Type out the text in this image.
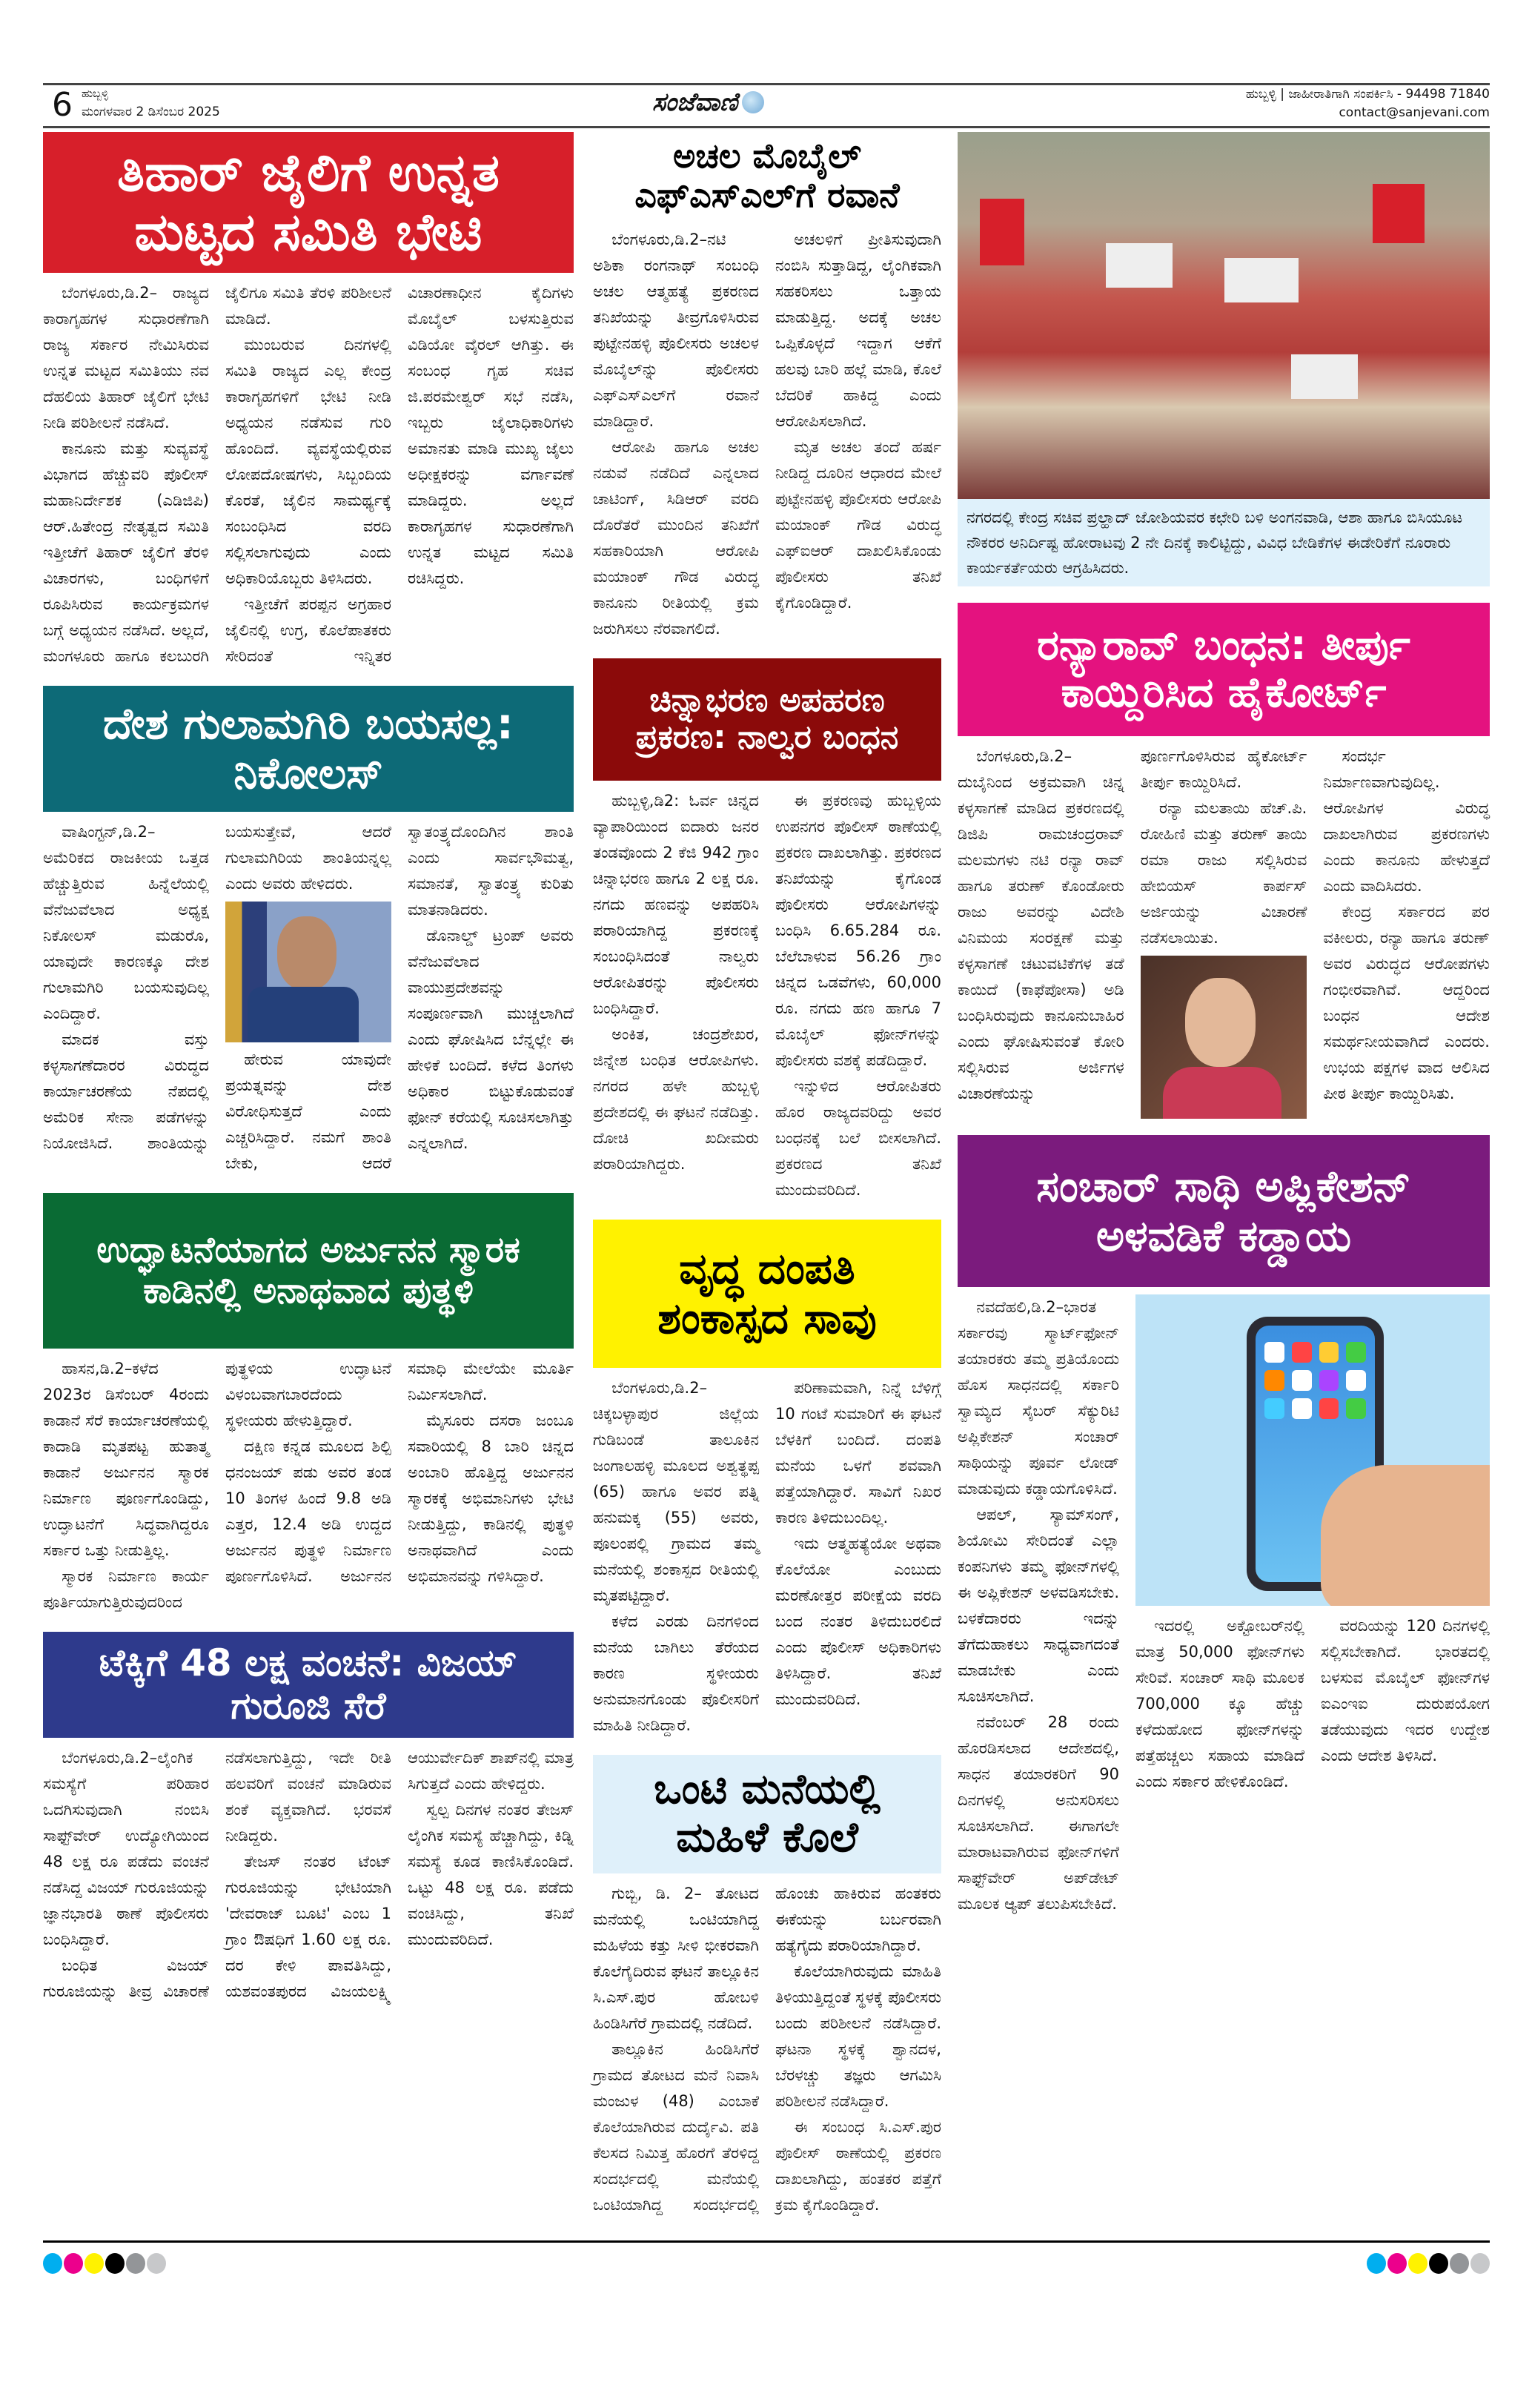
6 ಹುಬ್ಬಳ್ಳಿ
ಮಂಗಳವಾರ 2 ಡಿಸೆಂಬರ 2025	ಸಂಜೆವಾಣಿ	ಹುಬ್ಬಳ್ಳಿ | ಜಾಹೀರಾತಿಗಾಗಿ ಸಂಪರ್ಕಿಸಿ - 94498 71840
contact@sanjevani.com
ತಿಹಾರ್ ಜೈಲಿಗೆ ಉನ್ನತ ಮಟ್ಟದ ಸಮಿತಿ ಭೇಟಿ

ಬೆಂಗಳೂರು,ಡಿ.2– ರಾಜ್ಯದ ಕಾರಾಗೃಹಗಳ ಸುಧಾರಣೆಗಾಗಿ ರಾಜ್ಯ ಸರ್ಕಾರ ನೇಮಿಸಿರುವ ಉನ್ನತ ಮಟ್ಟದ ಸಮಿತಿಯು ನವ ದೆಹಲಿಯ ತಿಹಾರ್ ಜೈಲಿಗೆ ಭೇಟಿ ನೀಡಿ ಪರಿಶೀಲನೆ ನಡೆಸಿದೆ.

ಕಾನೂನು ಮತ್ತು ಸುವ್ಯವಸ್ಥೆ ವಿಭಾಗದ ಹೆಚ್ಚುವರಿ ಪೊಲೀಸ್ ಮಹಾನಿರ್ದೇಶಕ (ಎಡಿಜಿಪಿ) ಆರ್.ಹಿತೇಂದ್ರ ನೇತೃತ್ವದ ಸಮಿತಿ ಇತ್ತೀಚೆಗೆ ತಿಹಾರ್ ಜೈಲಿಗೆ ತೆರಳಿ ವಿಚಾರಗಳು, ಬಂಧಿಗಳಿಗೆ ರೂಪಿಸಿರುವ ಕಾರ್ಯಕ್ರಮಗಳ ಬಗ್ಗೆ ಅಧ್ಯಯನ ನಡೆಸಿದೆ. ಅಲ್ಲದೆ, ಮಂಗಳೂರು ಹಾಗೂ ಕಲಬುರಗಿ ಜೈಲಿಗೂ ಸಮಿತಿ ತೆರಳಿ ಪರಿಶೀಲನೆ ಮಾಡಿದೆ.

ಮುಂಬರುವ ದಿನಗಳಲ್ಲಿ ಸಮಿತಿ ರಾಜ್ಯದ ಎಲ್ಲ ಕೇಂದ್ರ ಕಾರಾಗೃಹಗಳಿಗೆ ಭೇಟಿ ನೀಡಿ ಅಧ್ಯಯನ ನಡೆಸುವ ಗುರಿ ಹೊಂದಿದೆ. ವ್ಯವಸ್ಥೆಯಲ್ಲಿರುವ ಲೋಪದೋಷಗಳು, ಸಿಬ್ಬಂದಿಯ ಕೊರತೆ, ಜೈಲಿನ ಸಾಮರ್ಥ್ಯಕ್ಕೆ ಸಂಬಂಧಿಸಿದ ವರದಿ ಸಲ್ಲಿಸಲಾಗುವುದು ಎಂದು ಅಧಿಕಾರಿಯೊಬ್ಬರು ತಿಳಿಸಿದರು.

ಇತ್ತೀಚೆಗೆ ಪರಪ್ಪನ ಅಗ್ರಹಾರ ಜೈಲಿನಲ್ಲಿ ಉಗ್ರ, ಕೊಲೆಪಾತಕರು ಸೇರಿದಂತೆ ಇನ್ನಿತರ ವಿಚಾರಣಾಧೀನ ಕೈದಿಗಳು ಮೊಬೈಲ್ ಬಳಸುತ್ತಿರುವ ವಿಡಿಯೋ ವೈರಲ್ ಆಗಿತ್ತು. ಈ ಸಂಬಂಧ ಗೃಹ ಸಚಿವ ಜಿ.ಪರಮೇಶ್ವರ್ ಸಭೆ ನಡೆಸಿ, ಇಬ್ಬರು ಜೈಲಾಧಿಕಾರಿಗಳು ಅಮಾನತು ಮಾಡಿ ಮುಖ್ಯ ಜೈಲು ಅಧೀಕ್ಷಕರನ್ನು ವರ್ಗಾವಣೆ ಮಾಡಿದ್ದರು. ಅಲ್ಲದೆ ಕಾರಾಗೃಹಗಳ ಸುಧಾರಣೆಗಾಗಿ ಉನ್ನತ ಮಟ್ಟದ ಸಮಿತಿ ರಚಿಸಿದ್ದರು.

ದೇಶ ಗುಲಾಮಗಿರಿ ಬಯಸಲ್ಲ: ನಿಕೋಲಸ್

ವಾಷಿಂಗ್ಟನ್,ಡಿ.2– ಅಮೆರಿಕದ ರಾಜಕೀಯ ಒತ್ತಡ ಹೆಚ್ಚುತ್ತಿರುವ ಹಿನ್ನೆಲೆಯಲ್ಲಿ ವೆನೆಜುವೆಲಾದ ಅಧ್ಯಕ್ಷ ನಿಕೋಲಸ್ ಮಡುರೊ, ಯಾವುದೇ ಕಾರಣಕ್ಕೂ ದೇಶ ಗುಲಾಮಗಿರಿ ಬಯಸುವುದಿಲ್ಲ ಎಂದಿದ್ದಾರೆ.

ಮಾದಕ ವಸ್ತು ಕಳ್ಳಸಾಗಣೆದಾರರ ವಿರುದ್ಧದ ಕಾರ್ಯಾಚರಣೆಯ ನೆಪದಲ್ಲಿ ಅಮೆರಿಕ ಸೇನಾ ಪಡೆಗಳನ್ನು ನಿಯೋಜಿಸಿದೆ. ಶಾಂತಿಯನ್ನು ಬಯಸುತ್ತೇವೆ, ಆದರೆ ಗುಲಾಮಗಿರಿಯ ಶಾಂತಿಯನ್ನಲ್ಲ ಎಂದು ಅವರು ಹೇಳಿದರು.

ಹೇರುವ ಯಾವುದೇ ಪ್ರಯತ್ನವನ್ನು ದೇಶ ವಿರೋಧಿಸುತ್ತದೆ ಎಂದು ಎಚ್ಚರಿಸಿದ್ದಾರೆ. ನಮಗೆ ಶಾಂತಿ ಬೇಕು, ಆದರೆ ಸ್ವಾತಂತ್ರ್ಯದೊಂದಿಗಿನ ಶಾಂತಿ ಎಂದು ಸಾರ್ವಭೌಮತ್ವ, ಸಮಾನತೆ, ಸ್ವಾತಂತ್ರ್ಯ ಕುರಿತು ಮಾತನಾಡಿದರು.

ಡೊನಾಲ್ಡ್ ಟ್ರಂಪ್ ಅವರು ವೆನೆಜುವೆಲಾದ ವಾಯುಪ್ರದೇಶವನ್ನು ಸಂಪೂರ್ಣವಾಗಿ ಮುಚ್ಚಲಾಗಿದೆ ಎಂದು ಘೋಷಿಸಿದ ಬೆನ್ನಲ್ಲೇ ಈ ಹೇಳಿಕೆ ಬಂದಿದೆ. ಕಳೆದ ತಿಂಗಳು ಅಧಿಕಾರ ಬಿಟ್ಟುಕೊಡುವಂತೆ ಫೋನ್ ಕರೆಯಲ್ಲಿ ಸೂಚಿಸಲಾಗಿತ್ತು ಎನ್ನಲಾಗಿದೆ.

ಉದ್ಘಾಟನೆಯಾಗದ ಅರ್ಜುನನ ಸ್ಮಾರಕ ಕಾಡಿನಲ್ಲಿ ಅನಾಥವಾದ ಪುತ್ಥಳಿ

ಹಾಸನ,ಡಿ.2–ಕಳೆದ 2023ರ ಡಿಸೆಂಬರ್ 4ರಂದು ಕಾಡಾನೆ ಸೆರೆ ಕಾರ್ಯಾಚರಣೆಯಲ್ಲಿ ಕಾದಾಡಿ ಮೃತಪಟ್ಟ ಹುತಾತ್ಮ ಕಾಡಾನೆ ಅರ್ಜುನನ ಸ್ಮಾರಕ ನಿರ್ಮಾಣ ಪೂರ್ಣಗೊಂಡಿದ್ದು, ಉದ್ಘಾಟನೆಗೆ ಸಿದ್ಧವಾಗಿದ್ದರೂ ಸರ್ಕಾರ ಒತ್ತು ನೀಡುತ್ತಿಲ್ಲ.

ಸ್ಮಾರಕ ನಿರ್ಮಾಣ ಕಾರ್ಯ ಪೂರ್ತಿಯಾಗುತ್ತಿರುವುದರಿಂದ ಪುತ್ಥಳಿಯ ಉದ್ಘಾಟನೆ ವಿಳಂಬವಾಗಬಾರದೆಂದು ಸ್ಥಳೀಯರು ಹೇಳುತ್ತಿದ್ದಾರೆ.

ದಕ್ಷಿಣ ಕನ್ನಡ ಮೂಲದ ಶಿಲ್ಪಿ ಧನಂಜಯ್ ಪಡು ಅವರ ತಂಡ 10 ತಿಂಗಳ ಹಿಂದೆ 9.8 ಅಡಿ ಎತ್ತರ, 12.4 ಅಡಿ ಉದ್ದದ ಅರ್ಜುನನ ಪುತ್ಥಳಿ ನಿರ್ಮಾಣ ಪೂರ್ಣಗೊಳಿಸಿದೆ. ಅರ್ಜುನನ ಸಮಾಧಿ ಮೇಲೆಯೇ ಮೂರ್ತಿ ನಿರ್ಮಿಸಲಾಗಿದೆ.

ಮೈಸೂರು ದಸರಾ ಜಂಬೂ ಸವಾರಿಯಲ್ಲಿ 8 ಬಾರಿ ಚಿನ್ನದ ಅಂಬಾರಿ ಹೊತ್ತಿದ್ದ ಅರ್ಜುನನ ಸ್ಮಾರಕಕ್ಕೆ ಅಭಿಮಾನಿಗಳು ಭೇಟಿ ನೀಡುತ್ತಿದ್ದು, ಕಾಡಿನಲ್ಲಿ ಪುತ್ಥಳಿ ಅನಾಥವಾಗಿದೆ ಎಂದು ಅಭಿಮಾನವನ್ನು ಗಳಿಸಿದ್ದಾರೆ.

ಟೆಕ್ಕಿಗೆ 48 ಲಕ್ಷ ವಂಚನೆ: ವಿಜಯ್ ಗುರೂಜಿ ಸೆರೆ

ಬೆಂಗಳೂರು,ಡಿ.2–ಲೈಂಗಿಕ ಸಮಸ್ಯೆಗೆ ಪರಿಹಾರ ಒದಗಿಸುವುದಾಗಿ ನಂಬಿಸಿ ಸಾಫ್ಟ್‌ವೇರ್ ಉದ್ಯೋಗಿಯಿಂದ 48 ಲಕ್ಷ ರೂ ಪಡೆದು ವಂಚನೆ ನಡೆಸಿದ್ದ ವಿಜಯ್ ಗುರೂಜಿಯನ್ನು ಜ್ಞಾನಭಾರತಿ ಠಾಣೆ ಪೊಲೀಸರು ಬಂಧಿಸಿದ್ದಾರೆ.

ಬಂಧಿತ ವಿಜಯ್ ಗುರೂಜಿಯನ್ನು ತೀವ್ರ ವಿಚಾರಣೆ ನಡೆಸಲಾಗುತ್ತಿದ್ದು, ಇದೇ ರೀತಿ ಹಲವರಿಗೆ ವಂಚನೆ ಮಾಡಿರುವ ಶಂಕೆ ವ್ಯಕ್ತವಾಗಿದೆ. ಭರವಸೆ ನೀಡಿದ್ದರು.

ತೇಜಸ್ ನಂತರ ಟೆಂಟ್ ಗುರೂಜಿಯನ್ನು ಭೇಟಿಯಾಗಿ 'ದೇವರಾಜ್ ಬೂಟಿ' ಎಂಬ 1 ಗ್ರಾಂ ಔಷಧಿಗೆ 1.60 ಲಕ್ಷ ರೂ. ದರ ಕೇಳಿ ಪಾವತಿಸಿದ್ದು, ಯಶವಂತಪುರದ ವಿಜಯಲಕ್ಷ್ಮಿ ಆಯುರ್ವೇದಿಕ್ ಶಾಪ್‌ನಲ್ಲಿ ಮಾತ್ರ ಸಿಗುತ್ತದೆ ಎಂದು ಹೇಳಿದ್ದರು.

ಸ್ವಲ್ಪ ದಿನಗಳ ನಂತರ ತೇಜಸ್ ಲೈಂಗಿಕ ಸಮಸ್ಯೆ ಹೆಚ್ಚಾಗಿದ್ದು, ಕಿಡ್ನಿ ಸಮಸ್ಯೆ ಕೂಡ ಕಾಣಿಸಿಕೊಂಡಿದೆ. ಒಟ್ಟು 48 ಲಕ್ಷ ರೂ. ಪಡೆದು ವಂಚಿಸಿದ್ದು, ತನಿಖೆ ಮುಂದುವರಿದಿದೆ.

ಅಚಲ ಮೊಬೈಲ್ ಎಫ್‌ಎಸ್‌ಎಲ್‌ಗೆ ರವಾನೆ

ಬೆಂಗಳೂರು,ಡಿ.2–ನಟಿ ಅಶಿಕಾ ರಂಗನಾಥ್ ಸಂಬಂಧಿ ಅಚಲ ಆತ್ಮಹತ್ಯೆ ಪ್ರಕರಣದ ತನಿಖೆಯನ್ನು ತೀವ್ರಗೊಳಿಸಿರುವ ಪುಟ್ಟೇನಹಳ್ಳಿ ಪೊಲೀಸರು ಅಚಲಳ ಮೊಬೈಲ್‌ನ್ನು ಪೊಲೀಸರು ಎಫ್‌ಎಸ್‌ಎಲ್‌ಗೆ ರವಾನೆ ಮಾಡಿದ್ದಾರೆ.

ಆರೋಪಿ ಹಾಗೂ ಅಚಲ ನಡುವೆ ನಡೆದಿದೆ ಎನ್ನಲಾದ ಚಾಟಿಂಗ್, ಸಿಡಿಆರ್ ವರದಿ ದೊರೆತರೆ ಮುಂದಿನ ತನಿಖೆಗೆ ಸಹಕಾರಿಯಾಗಿ ಆರೋಪಿ ಮಯಾಂಕ್ ಗೌಡ ವಿರುದ್ಧ ಕಾನೂನು ರೀತಿಯಲ್ಲಿ ಕ್ರಮ ಜರುಗಿಸಲು ನೆರವಾಗಲಿದೆ.

ಅಚಲಳಿಗೆ ಪ್ರೀತಿಸುವುದಾಗಿ ನಂಬಿಸಿ ಸುತ್ತಾಡಿದ್ದ, ಲೈಂಗಿಕವಾಗಿ ಸಹಕರಿಸಲು ಒತ್ತಾಯ ಮಾಡುತ್ತಿದ್ದ. ಅದಕ್ಕೆ ಅಚಲ ಒಪ್ಪಿಕೊಳ್ಳದೆ ಇದ್ದಾಗ ಆಕೆಗೆ ಹಲವು ಬಾರಿ ಹಲ್ಲೆ ಮಾಡಿ, ಕೊಲೆ ಬೆದರಿಕೆ ಹಾಕಿದ್ದ ಎಂದು ಆರೋಪಿಸಲಾಗಿದೆ.

ಮೃತ ಅಚಲ ತಂದೆ ಹರ್ಷ ನೀಡಿದ್ದ ದೂರಿನ ಆಧಾರದ ಮೇಲೆ ಪುಟ್ಟೇನಹಳ್ಳಿ ಪೊಲೀಸರು ಆರೋಪಿ ಮಯಾಂಕ್ ಗೌಡ ವಿರುದ್ಧ ಎಫ್‌ಐಆರ್ ದಾಖಲಿಸಿಕೊಂಡು ಪೊಲೀಸರು ತನಿಖೆ ಕೈಗೊಂಡಿದ್ದಾರೆ.

ಚಿನ್ನಾಭರಣ ಅಪಹರಣ ಪ್ರಕರಣ: ನಾಲ್ವರ ಬಂಧನ

ಹುಬ್ಬಳ್ಳಿ,ಡಿ2: ಓರ್ವ ಚಿನ್ನದ ವ್ಯಾಪಾರಿಯಿಂದ ಐದಾರು ಜನರ ತಂಡವೊಂದು 2 ಕೆಜಿ 942 ಗ್ರಾಂ ಚಿನ್ನಾಭರಣ ಹಾಗೂ 2 ಲಕ್ಷ ರೂ. ನಗದು ಹಣವನ್ನು ಅಪಹರಿಸಿ ಪರಾರಿಯಾಗಿದ್ದ ಪ್ರಕರಣಕ್ಕೆ ಸಂಬಂಧಿಸಿದಂತೆ ನಾಲ್ವರು ಆರೋಪಿತರನ್ನು ಪೊಲೀಸರು ಬಂಧಿಸಿದ್ದಾರೆ.

ಅಂಕಿತ, ಚಂದ್ರಶೇಖರ, ಜಿನ್ನೇಶ ಬಂಧಿತ ಆರೋಪಿಗಳು. ನಗರದ ಹಳೇ ಹುಬ್ಬಳ್ಳಿ ಪ್ರದೇಶದಲ್ಲಿ ಈ ಘಟನೆ ನಡೆದಿತ್ತು. ದೋಚಿ ಖದೀಮರು ಪರಾರಿಯಾಗಿದ್ದರು.

ಈ ಪ್ರಕರಣವು ಹುಬ್ಬಳ್ಳಿಯ ಉಪನಗರ ಪೊಲೀಸ್ ಠಾಣೆಯಲ್ಲಿ ಪ್ರಕರಣ ದಾಖಲಾಗಿತ್ತು. ಪ್ರಕರಣದ ತನಿಖೆಯನ್ನು ಕೈಗೊಂಡ ಪೊಲೀಸರು ಆರೋಪಿಗಳನ್ನು ಬಂಧಿಸಿ 6.65.284 ರೂ. ಬೆಲೆಬಾಳುವ 56.26 ಗ್ರಾಂ ಚಿನ್ನದ ಒಡವೆಗಳು, 60,000 ರೂ. ನಗದು ಹಣ ಹಾಗೂ 7 ಮೊಬೈಲ್ ಫೋನ್‌ಗಳನ್ನು ಪೊಲೀಸರು ವಶಕ್ಕೆ ಪಡೆದಿದ್ದಾರೆ.

ಇನ್ನುಳಿದ ಆರೋಪಿತರು ಹೊರ ರಾಜ್ಯದವರಿದ್ದು ಅವರ ಬಂಧನಕ್ಕೆ ಬಲೆ ಬೀಸಲಾಗಿದೆ. ಪ್ರಕರಣದ ತನಿಖೆ ಮುಂದುವರಿದಿದೆ.

ವೃದ್ಧ ದಂಪತಿ ಶಂಕಾಸ್ಪದ ಸಾವು

ಬೆಂಗಳೂರು,ಡಿ.2–ಚಿಕ್ಕಬಳ್ಳಾಪುರ ಜಿಲ್ಲೆಯ ಗುಡಿಬಂಡೆ ತಾಲೂಕಿನ ಜಂಗಾಲಹಳ್ಳಿ ಮೂಲದ ಅಶ್ವತ್ಥಪ್ಪ (65) ಹಾಗೂ ಅವರ ಪತ್ನಿ ಹನುಮಕ್ಕ (55) ಅವರು, ಪೂಲಂಪಲ್ಲಿ ಗ್ರಾಮದ ತಮ್ಮ ಮನೆಯಲ್ಲಿ ಶಂಕಾಸ್ಪದ ರೀತಿಯಲ್ಲಿ ಮೃತಪಟ್ಟಿದ್ದಾರೆ.

ಕಳೆದ ಎರಡು ದಿನಗಳಿಂದ ಮನೆಯ ಬಾಗಿಲು ತೆರೆಯದ ಕಾರಣ ಸ್ಥಳೀಯರು ಅನುಮಾನಗೊಂಡು ಪೊಲೀಸರಿಗೆ ಮಾಹಿತಿ ನೀಡಿದ್ದಾರೆ.

ಪರಿಣಾಮವಾಗಿ, ನಿನ್ನೆ ಬೆಳಿಗ್ಗೆ 10 ಗಂಟೆ ಸುಮಾರಿಗೆ ಈ ಘಟನೆ ಬೆಳಕಿಗೆ ಬಂದಿದೆ. ದಂಪತಿ ಮನೆಯ ಒಳಗೆ ಶವವಾಗಿ ಪತ್ತೆಯಾಗಿದ್ದಾರೆ. ಸಾವಿಗೆ ನಿಖರ ಕಾರಣ ತಿಳಿದುಬಂದಿಲ್ಲ.

ಇದು ಆತ್ಮಹತ್ಯೆಯೋ ಅಥವಾ ಕೊಲೆಯೋ ಎಂಬುದು ಮರಣೋತ್ತರ ಪರೀಕ್ಷೆಯ ವರದಿ ಬಂದ ನಂತರ ತಿಳಿದುಬರಲಿದೆ ಎಂದು ಪೊಲೀಸ್ ಅಧಿಕಾರಿಗಳು ತಿಳಿಸಿದ್ದಾರೆ. ತನಿಖೆ ಮುಂದುವರಿದಿದೆ.

ಒಂಟಿ ಮನೆಯಲ್ಲಿ ಮಹಿಳೆ ಕೊಲೆ

ಗುಬ್ಬಿ, ಡಿ. 2– ತೋಟದ ಮನೆಯಲ್ಲಿ ಒಂಟಿಯಾಗಿದ್ದ ಮಹಿಳೆಯ ಕತ್ತು ಸೀಳಿ ಭೀಕರವಾಗಿ ಕೊಲೆಗೈದಿರುವ ಘಟನೆ ತಾಲ್ಲೂಕಿನ ಸಿ.ಎಸ್.ಪುರ ಹೋಬಳಿ ಹಿಂಡಿಸಿಗೆರೆ ಗ್ರಾಮದಲ್ಲಿ ನಡೆದಿದೆ.

ತಾಲ್ಲೂಕಿನ ಹಿಂಡಿಸಿಗೆರೆ ಗ್ರಾಮದ ತೋಟದ ಮನೆ ನಿವಾಸಿ ಮಂಜುಳ (48) ಎಂಬಾಕೆ ಕೊಲೆಯಾಗಿರುವ ದುರ್ದೈವಿ. ಪತಿ ಕೆಲಸದ ನಿಮಿತ್ತ ಹೊರಗೆ ತೆರಳಿದ್ದ ಸಂದರ್ಭದಲ್ಲಿ ಮನೆಯಲ್ಲಿ ಒಂಟಿಯಾಗಿದ್ದ ಸಂದರ್ಭದಲ್ಲಿ ಹೊಂಚು ಹಾಕಿರುವ ಹಂತಕರು ಈಕೆಯನ್ನು ಬರ್ಬರವಾಗಿ ಹತ್ಯೆಗೈದು ಪರಾರಿಯಾಗಿದ್ದಾರೆ.

ಕೊಲೆಯಾಗಿರುವುದು ಮಾಹಿತಿ ತಿಳಿಯುತ್ತಿದ್ದಂತೆ ಸ್ಥಳಕ್ಕೆ ಪೊಲೀಸರು ಬಂದು ಪರಿಶೀಲನೆ ನಡೆಸಿದ್ದಾರೆ. ಘಟನಾ ಸ್ಥಳಕ್ಕೆ ಶ್ವಾನದಳ, ಬೆರಳಚ್ಚು ತಜ್ಞರು ಆಗಮಿಸಿ ಪರಿಶೀಲನೆ ನಡೆಸಿದ್ದಾರೆ.

ಈ ಸಂಬಂಧ ಸಿ.ಎಸ್.ಪುರ ಪೊಲೀಸ್ ಠಾಣೆಯಲ್ಲಿ ಪ್ರಕರಣ ದಾಖಲಾಗಿದ್ದು, ಹಂತಕರ ಪತ್ತೆಗೆ ಕ್ರಮ ಕೈಗೊಂಡಿದ್ದಾರೆ.

ನಗರದಲ್ಲಿ ಕೇಂದ್ರ ಸಚಿವ ಪ್ರಲ್ಹಾದ್ ಜೋಶಿಯವರ ಕಛೇರಿ ಬಳಿ ಅಂಗನವಾಡಿ, ಆಶಾ ಹಾಗೂ ಬಿಸಿಯೂಟ ನೌಕರರ ಅನಿರ್ದಿಷ್ಟ ಹೋರಾಟವು 2 ನೇ ದಿನಕ್ಕೆ ಕಾಲಿಟ್ಟಿದ್ದು, ವಿವಿಧ ಬೇಡಿಕೆಗಳ ಈಡೇರಿಕೆಗೆ ನೂರಾರು ಕಾರ್ಯಕರ್ತೆಯರು ಆಗ್ರಹಿಸಿದರು.
ರನ್ಯಾರಾವ್ ಬಂಧನ: ತೀರ್ಪು ಕಾಯ್ದಿರಿಸಿದ ಹೈಕೋರ್ಟ್

ಬೆಂಗಳೂರು,ಡಿ.2–ದುಬೈನಿಂದ ಅಕ್ರಮವಾಗಿ ಚಿನ್ನ ಕಳ್ಳಸಾಗಣೆ ಮಾಡಿದ ಪ್ರಕರಣದಲ್ಲಿ ಡಿಜಿಪಿ ರಾಮಚಂದ್ರರಾವ್ ಮಲಮಗಳು ನಟಿ ರನ್ಯಾ ರಾವ್ ಹಾಗೂ ತರುಣ್ ಕೊಂಡೋರು ರಾಜು ಅವರನ್ನು ವಿದೇಶಿ ವಿನಿಮಯ ಸಂರಕ್ಷಣೆ ಮತ್ತು ಕಳ್ಳಸಾಗಣೆ ಚಟುವಟಿಕೆಗಳ ತಡೆ ಕಾಯಿದೆ (ಕಾಫೆಪೋಸಾ) ಅಡಿ ಬಂಧಿಸಿರುವುದು ಕಾನೂನುಬಾಹಿರ ಎಂದು ಘೋಷಿಸುವಂತೆ ಕೋರಿ ಸಲ್ಲಿಸಿರುವ ಅರ್ಜಿಗಳ ವಿಚಾರಣೆಯನ್ನು ಪೂರ್ಣಗೊಳಿಸಿರುವ ಹೈಕೋರ್ಟ್ ತೀರ್ಪು ಕಾಯ್ದಿರಿಸಿದೆ.

ರನ್ಯಾ ಮಲತಾಯಿ ಹೆಚ್.ಪಿ. ರೋಹಿಣಿ ಮತ್ತು ತರುಣ್ ತಾಯಿ ರಮಾ ರಾಜು ಸಲ್ಲಿಸಿರುವ ಹೇಬಿಯಸ್ ಕಾರ್ಪಸ್ ಅರ್ಜಿಯನ್ನು ವಿಚಾರಣೆ ನಡೆಸಲಾಯಿತು.

ಸಂದರ್ಭ ನಿರ್ಮಾಣವಾಗುವುದಿಲ್ಲ. ಆರೋಪಿಗಳ ವಿರುದ್ಧ ದಾಖಲಾಗಿರುವ ಪ್ರಕರಣಗಳು ಎಂದು ಕಾನೂನು ಹೇಳುತ್ತದೆ ಎಂದು ವಾದಿಸಿದರು.

ಕೇಂದ್ರ ಸರ್ಕಾರದ ಪರ ವಕೀಲರು, ರನ್ಯಾ ಹಾಗೂ ತರುಣ್ ಅವರ ವಿರುದ್ಧದ ಆರೋಪಗಳು ಗಂಭೀರವಾಗಿವೆ. ಆದ್ದರಿಂದ ಬಂಧನ ಆದೇಶ ಸಮರ್ಥನೀಯವಾಗಿದೆ ಎಂದರು. ಉಭಯ ಪಕ್ಷಗಳ ವಾದ ಆಲಿಸಿದ ಪೀಠ ತೀರ್ಪು ಕಾಯ್ದಿರಿಸಿತು.

ಸಂಚಾರ್ ಸಾಥಿ ಅಪ್ಲಿಕೇಶನ್ ಅಳವಡಿಕೆ ಕಡ್ಡಾಯ

ನವದೆಹಲಿ,ಡಿ.2–ಭಾರತ ಸರ್ಕಾರವು ಸ್ಮಾರ್ಟ್‌ಫೋನ್ ತಯಾರಕರು ತಮ್ಮ ಪ್ರತಿಯೊಂದು ಹೊಸ ಸಾಧನದಲ್ಲಿ ಸರ್ಕಾರಿ ಸ್ವಾಮ್ಯದ ಸೈಬರ್ ಸೆಕ್ಯುರಿಟಿ ಅಪ್ಲಿಕೇಶನ್ ಸಂಚಾರ್ ಸಾಥಿಯನ್ನು ಪೂರ್ವ ಲೋಡ್ ಮಾಡುವುದು ಕಡ್ಡಾಯಗೊಳಿಸಿದೆ.

ಆಪಲ್, ಸ್ಯಾಮ್‌ಸಂಗ್, ಶಿಯೋಮಿ ಸೇರಿದಂತೆ ಎಲ್ಲಾ ಕಂಪನಿಗಳು ತಮ್ಮ ಫೋನ್‌ಗಳಲ್ಲಿ ಈ ಅಪ್ಲಿಕೇಶನ್ ಅಳವಡಿಸಬೇಕು. ಬಳಕೆದಾರರು ಇದನ್ನು ತೆಗೆದುಹಾಕಲು ಸಾಧ್ಯವಾಗದಂತೆ ಮಾಡಬೇಕು ಎಂದು ಸೂಚಿಸಲಾಗಿದೆ.

ನವೆಂಬರ್ 28 ರಂದು ಹೊರಡಿಸಲಾದ ಆದೇಶದಲ್ಲಿ, ಸಾಧನ ತಯಾರಕರಿಗೆ 90 ದಿನಗಳಲ್ಲಿ ಅನುಸರಿಸಲು ಸೂಚಿಸಲಾಗಿದೆ. ಈಗಾಗಲೇ ಮಾರಾಟವಾಗಿರುವ ಫೋನ್‌ಗಳಿಗೆ ಸಾಫ್ಟ್‌ವೇರ್ ಅಪ್‌ಡೇಟ್ ಮೂಲಕ ಆ್ಯಪ್ ತಲುಪಿಸಬೇಕಿದೆ.

ಇದರಲ್ಲಿ ಅಕ್ಟೋಬರ್‌ನಲ್ಲಿ ಮಾತ್ರ 50,000 ಫೋನ್‌ಗಳು ಸೇರಿವೆ. ಸಂಚಾರ್ ಸಾಥಿ ಮೂಲಕ 700,000 ಕ್ಕೂ ಹೆಚ್ಚು ಕಳೆದುಹೋದ ಫೋನ್‌ಗಳನ್ನು ಪತ್ತೆಹಚ್ಚಲು ಸಹಾಯ ಮಾಡಿದೆ ಎಂದು ಸರ್ಕಾರ ಹೇಳಿಕೊಂಡಿದೆ.

ವರದಿಯನ್ನು 120 ದಿನಗಳಲ್ಲಿ ಸಲ್ಲಿಸಬೇಕಾಗಿದೆ. ಭಾರತದಲ್ಲಿ ಬಳಸುವ ಮೊಬೈಲ್ ಫೋನ್‌ಗಳ ಐಎಂಇಐ ದುರುಪಯೋಗ ತಡೆಯುವುದು ಇದರ ಉದ್ದೇಶ ಎಂದು ಆದೇಶ ತಿಳಿಸಿದೆ.
